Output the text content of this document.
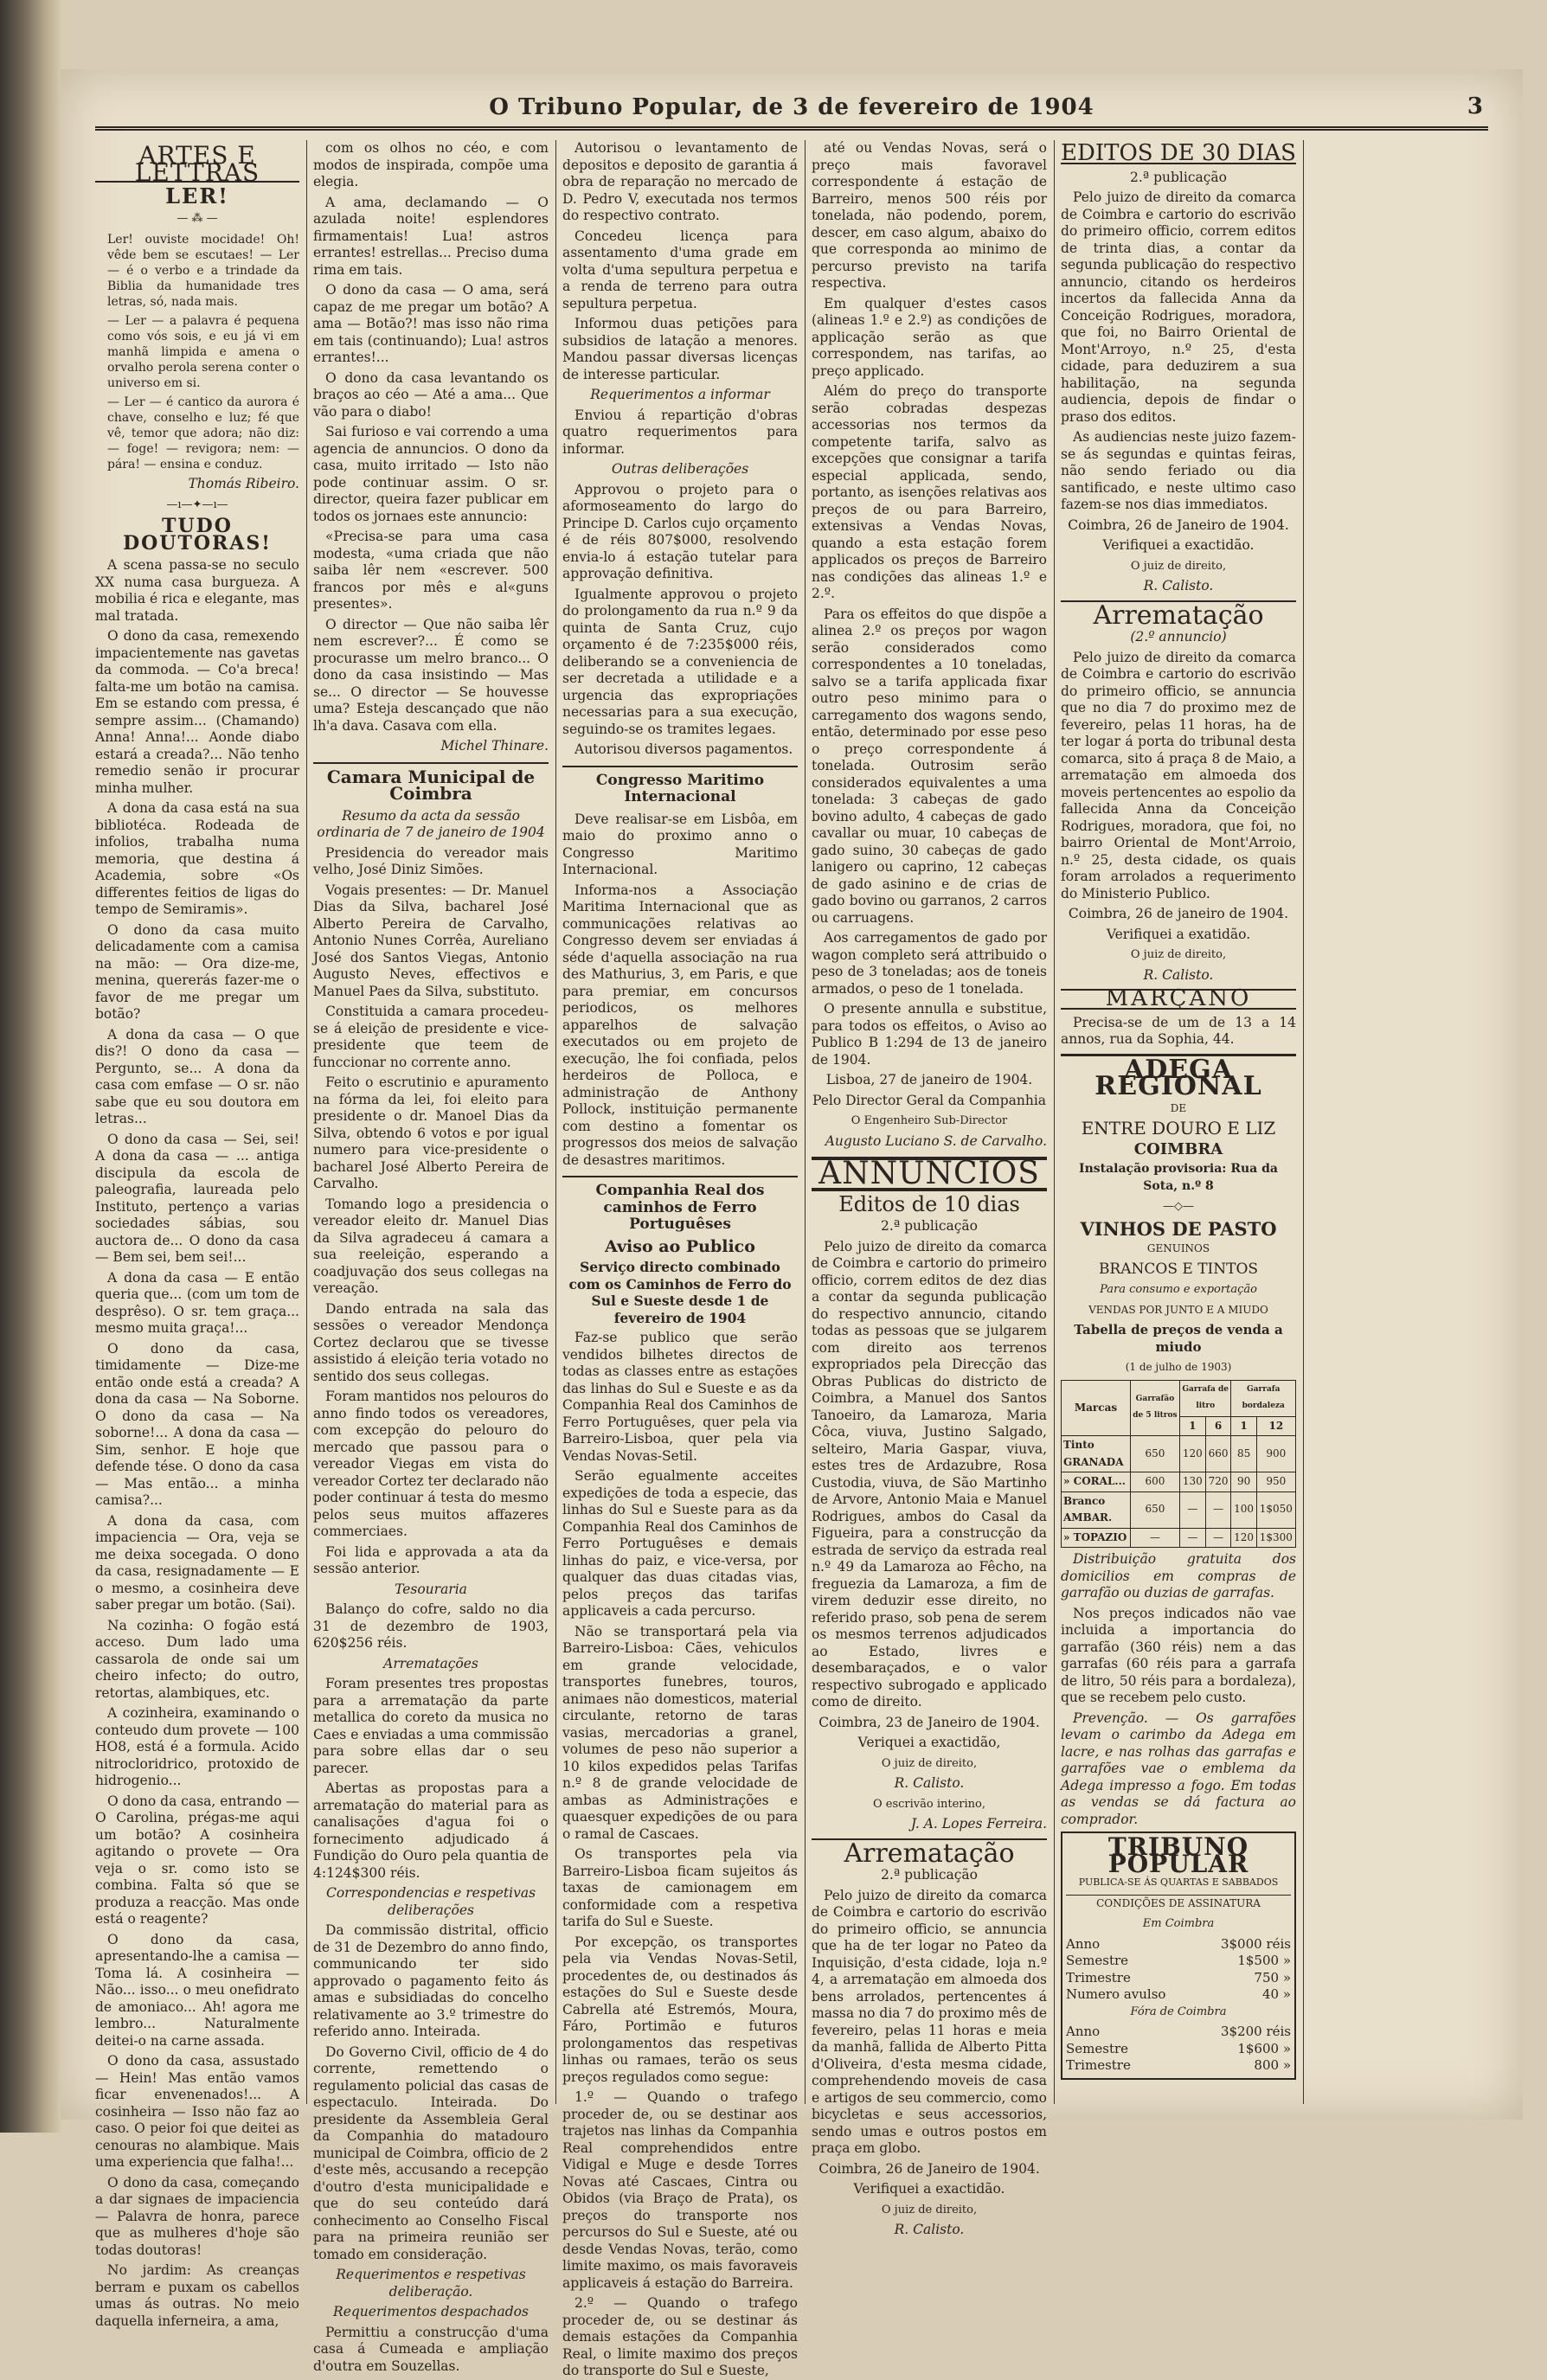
O Tribuno Popular, de 3 de fevereiro de 1904	3
ARTES E LETTRAS
LER!
— ⁂ —

Ler! ouviste mocidade! Oh! vêde bem se escutaes! — Ler — é o verbo e a trindade da Biblia da humanidade tres letras, só, nada mais.

— Ler — a palavra é pequena como vós sois, e eu já vi em manhã limpida e amena o orvalho perola serena conter o universo em si.

— Ler — é cantico da aurora é chave, conselho e luz; fé que vê, temor que adora; não diz: — foge! — revigora; nem: — pára! — ensina e conduz.

Thomás Ribeiro.

—ı—✦—ı—
TUDO DOUTORAS!

A scena passa-se no seculo XX numa casa burgueza. A mobilia é rica e elegante, mas mal tratada.

O dono da casa, remexendo impacientemente nas gavetas da commoda. — Co'a breca! falta-me um botão na camisa. Em se estando com pressa, é sempre assim... (Chamando) Anna! Anna!... Aonde diabo estará a creada?... Não tenho remedio senão ir procurar minha mulher.

A dona da casa está na sua bibliotéca. Rodeada de infolios, trabalha numa memoria, que destina á Academia, sobre «Os differentes feitios de ligas do tempo de Semiramis».

O dono da casa muito delicadamente com a camisa na mão: — Ora dize-me, menina, quererás fazer-me o favor de me pregar um botão?

A dona da casa — O que dis?! O dono da casa — Pergunto, se... A dona da casa com emfase — O sr. não sabe que eu sou doutora em letras...

O dono da casa — Sei, sei! A dona da casa — ... antiga discipula da escola de paleografia, laureada pelo Instituto, pertenço a varias sociedades sábias, sou auctora de... O dono da casa — Bem sei, bem sei!...

A dona da casa — E então queria que... (com um tom de desprêso). O sr. tem graça... mesmo muita graça!...

O dono da casa, timidamente — Dize-me então onde está a creada? A dona da casa — Na Soborne. O dono da casa — Na soborne!... A dona da casa — Sim, senhor. E hoje que defende tése. O dono da casa — Mas então... a minha camisa?...

A dona da casa, com impaciencia — Ora, veja se me deixa socegada. O dono da casa, resignadamente — E o mesmo, a cosinheira deve saber pregar um botão. (Sai).

Na cozinha: O fogão está acceso. Dum lado uma cassarola de onde sai um cheiro infecto; do outro, retortas, alambiques, etc.

A cozinheira, examinando o conteudo dum provete — 100 HO8, está é a formula. Acido nitrocloridrico, protoxido de hidrogenio...

O dono da casa, entrando — O Carolina, prégas-me aqui um botão? A cosinheira agitando o provete — Ora veja o sr. como isto se combina. Falta só que se produza a reacção. Mas onde está o reagente?

O dono da casa, apresentando-lhe a camisa — Toma lá. A cosinheira — Não... isso... o meu onefidrato de amoniaco... Ah! agora me lembro... Naturalmente deitei-o na carne assada.

O dono da casa, assustado — Hein! Mas então vamos ficar envenenados!... A cosinheira — Isso não faz ao caso. O peior foi que deitei as cenouras no alambique. Mais uma experiencia que falha!...

O dono da casa, começando a dar signaes de impaciencia — Palavra de honra, parece que as mulheres d'hoje são todas doutoras!

No jardim: As creanças berram e puxam os cabellos umas ás outras. No meio daquella inferneira, a ama,

com os olhos no céo, e com modos de inspirada, compõe uma elegia.

A ama, declamando — O azulada noite! esplendores firmamentais! Lua! astros errantes! estrellas... Preciso duma rima em tais.

O dono da casa — O ama, será capaz de me pregar um botão? A ama — Botão?! mas isso não rima em tais (continuando); Lua! astros errantes!...

O dono da casa levantando os braços ao céo — Até a ama... Que vão para o diabo!

Sai furioso e vai correndo a uma agencia de annuncios. O dono da casa, muito irritado — Isto não pode continuar assim. O sr. director, queira fazer publicar em todos os jornaes este annuncio:

«Precisa-se para uma casa modesta, «uma criada que não saiba lêr nem «escrever. 500 francos por mês e al«guns presentes».

O director — Que não saiba lêr nem escrever?... É como se procurasse um melro branco... O dono da casa insistindo — Mas se... O director — Se houvesse uma? Esteja descançado que não lh'a dava. Casava com ella.

Michel Thinare.

Camara Municipal de Coimbra

Resumo da acta da sessão ordinaria de 7 de janeiro de 1904

Presidencia do vereador mais velho, José Diniz Simões.

Vogais presentes: — Dr. Manuel Dias da Silva, bacharel José Alberto Pereira de Carvalho, Antonio Nunes Corrêa, Aureliano José dos Santos Viegas, Antonio Augusto Neves, effectivos e Manuel Paes da Silva, substituto.

Constituida a camara procedeu-se á eleição de presidente e vice-presidente que teem de funccionar no corrente anno.

Feito o escrutinio e apuramento na fórma da lei, foi eleito para presidente o dr. Manoel Dias da Silva, obtendo 6 votos e por igual numero para vice-presidente o bacharel José Alberto Pereira de Carvalho.

Tomando logo a presidencia o vereador eleito dr. Manuel Dias da Silva agradeceu á camara a sua reeleição, esperando a coadjuvação dos seus collegas na vereação.

Dando entrada na sala das sessões o vereador Mendonça Cortez declarou que se tivesse assistido á eleição teria votado no sentido dos seus collegas.

Foram mantidos nos pelouros do anno findo todos os vereadores, com excepção do pelouro do mercado que passou para o vereador Viegas em vista do vereador Cortez ter declarado não poder continuar á testa do mesmo pelos seus muitos affazeres commerciaes.

Foi lida e approvada a ata da sessão anterior.

Tesouraria

Balanço do cofre, saldo no dia 31 de dezembro de 1903, 620$256 réis.

Arrematações

Foram presentes tres propostas para a arrematação da parte metallica do coreto da musica no Caes e enviadas a uma commissão para sobre ellas dar o seu parecer.

Abertas as propostas para a arrematação do material para as canalisações d'agua foi o fornecimento adjudicado á Fundição do Ouro pela quantia de 4:124$300 réis.

Correspondencias e respetivas deliberações

Da commissão distrital, officio de 31 de Dezembro do anno findo, communicando ter sido approvado o pagamento feito ás amas e subsidiadas do concelho relativamente ao 3.º trimestre do referido anno. Inteirada.

Do Governo Civil, officio de 4 do corrente, remettendo o regulamento policial das casas de espectaculo. Inteirada. Do presidente da Assembleia Geral da Companhia do matadouro municipal de Coimbra, officio de 2 d'este mês, accusando a recepção d'outro d'esta municipalidade e que do seu conteúdo dará conhecimento ao Conselho Fiscal para na primeira reunião ser tomado em consideração.

Requerimentos e respetivas deliberação.

Requerimentos despachados

Permittiu a construcção d'uma casa á Cumeada e ampliação d'outra em Souzellas.

Autorisou o levantamento de depositos e deposito de garantia á obra de reparação no mercado de D. Pedro V, executada nos termos do respectivo contrato.

Concedeu licença para assentamento d'uma grade em volta d'uma sepultura perpetua e a renda de terreno para outra sepultura perpetua.

Informou duas petições para subsidios de latação a menores. Mandou passar diversas licenças de interesse particular.

Requerimentos a informar

Enviou á repartição d'obras quatro requerimentos para informar.

Outras deliberações

Approvou o projeto para o aformoseamento do largo do Principe D. Carlos cujo orçamento é de réis 807$000, resolvendo envia-lo á estação tutelar para approvação definitiva.

Igualmente approvou o projeto do prolongamento da rua n.º 9 da quinta de Santa Cruz, cujo orçamento é de 7:235$000 réis, deliberando se a conveniencia de ser decretada a utilidade e a urgencia das expropriações necessarias para a sua execução, seguindo-se os tramites legaes.

Autorisou diversos pagamentos.

Congresso Maritimo Internacional

Deve realisar-se em Lisbôa, em maio do proximo anno o Congresso Maritimo Internacional.

Informa-nos a Associação Maritima Internacional que as communicações relativas ao Congresso devem ser enviadas á séde d'aquella associação na rua des Mathurius, 3, em Paris, e que para premiar, em concursos periodicos, os melhores apparelhos de salvação executados ou em projeto de execução, lhe foi confiada, pelos herdeiros de Polloca, e administração de Anthony Pollock, instituição permanente com destino a fomentar os progressos dos meios de salvação de desastres maritimos.

Companhia Real dos caminhos de Ferro Portuguêses

Aviso ao Publico

Serviço directo combinado com os Caminhos de Ferro do Sul e Sueste desde 1 de fevereiro de 1904

Faz-se publico que serão vendidos bilhetes directos de todas as classes entre as estações das linhas do Sul e Sueste e as da Companhia Real dos Caminhos de Ferro Portuguêses, quer pela via Barreiro-Lisboa, quer pela via Vendas Novas-Setil.

Serão egualmente acceites expedições de toda a especie, das linhas do Sul e Sueste para as da Companhia Real dos Caminhos de Ferro Portuguêses e demais linhas do paiz, e vice-versa, por qualquer das duas citadas vias, pelos preços das tarifas applicaveis a cada percurso.

Não se transportará pela via Barreiro-Lisboa: Cães, vehiculos em grande velocidade, transportes funebres, touros, animaes não domesticos, material circulante, retorno de taras vasias, mercadorias a granel, volumes de peso não superior a 10 kilos expedidos pelas Tarifas n.º 8 de grande velocidade de ambas as Administrações e quaesquer expedições de ou para o ramal de Cascaes.

Os transportes pela via Barreiro-Lisboa ficam sujeitos ás taxas de camionagem em conformidade com a respetiva tarifa do Sul e Sueste.

Por excepção, os transportes pela via Vendas Novas-Setil, procedentes de, ou destinados ás estações do Sul e Sueste desde Cabrella até Estremós, Moura, Fáro, Portimão e futuros prolongamentos das respetivas linhas ou ramaes, terão os seus preços regulados como segue:

1.º — Quando o trafego proceder de, ou se destinar aos trajetos nas linhas da Companhia Real comprehendidos entre Vidigal e Muge e desde Torres Novas até Cascaes, Cintra ou Obidos (via Braço de Prata), os preços do transporte nos percursos do Sul e Sueste, até ou desde Vendas Novas, terão, como limite maximo, os mais favoraveis applicaveis á estação do Barreira.

2.º — Quando o trafego proceder de, ou se destinar ás demais estações da Companhia Real, o limite maximo dos preços do transporte do Sul e Sueste,

até ou Vendas Novas, será o preço mais favoravel correspondente á estação de Barreiro, menos 500 réis por tonelada, não podendo, porem, descer, em caso algum, abaixo do que corresponda ao minimo de percurso previsto na tarifa respectiva.

Em qualquer d'estes casos (alineas 1.º e 2.º) as condições de applicação serão as que correspondem, nas tarifas, ao preço applicado.

Além do preço do transporte serão cobradas despezas accessorias nos termos da competente tarifa, salvo as excepções que consignar a tarifa especial applicada, sendo, portanto, as isenções relativas aos preços de ou para Barreiro, extensivas a Vendas Novas, quando a esta estação forem applicados os preços de Barreiro nas condições das alineas 1.º e 2.º.

Para os effeitos do que dispõe a alinea 2.º os preços por wagon serão considerados como correspondentes a 10 toneladas, salvo se a tarifa applicada fixar outro peso minimo para o carregamento dos wagons sendo, então, determinado por esse peso o preço correspondente á tonelada. Outrosim serão considerados equivalentes a uma tonelada: 3 cabeças de gado bovino adulto, 4 cabeças de gado cavallar ou muar, 10 cabeças de gado suino, 30 cabeças de gado lanigero ou caprino, 12 cabeças de gado asinino e de crias de gado bovino ou garranos, 2 carros ou carruagens.

Aos carregamentos de gado por wagon completo será attribuido o peso de 3 toneladas; aos de toneis armados, o peso de 1 tonelada.

O presente annulla e substitue, para todos os effeitos, o Aviso ao Publico B 1:294 de 13 de janeiro de 1904.

Lisboa, 27 de janeiro de 1904.

Pelo Director Geral da Companhia

O Engenheiro Sub-Director

Augusto Luciano S. de Carvalho.

ANNUNCIOS
Editos de 10 dias

2.ª publicação

Pelo juizo de direito da comarca de Coimbra e cartorio do primeiro officio, correm editos de dez dias a contar da segunda publicação do respectivo annuncio, citando todas as pessoas que se julgarem com direito aos terrenos expropriados pela Direcção das Obras Publicas do districto de Coimbra, a Manuel dos Santos Tanoeiro, da Lamaroza, Maria Côca, viuva, Justino Salgado, selteiro, Maria Gaspar, viuva, estes tres de Ardazubre, Rosa Custodia, viuva, de São Martinho de Arvore, Antonio Maia e Manuel Rodrigues, ambos do Casal da Figueira, para a construcção da estrada de serviço da estrada real n.º 49 da Lamaroza ao Fêcho, na freguezia da Lamaroza, a fim de virem deduzir esse direito, no referido praso, sob pena de serem os mesmos terrenos adjudicados ao Estado, livres e desembaraçados, e o valor respectivo subrogado e applicado como de direito.

Coimbra, 23 de Janeiro de 1904.

Veriquei a exactidão,

O juiz de direito,

R. Calisto.

O escrivão interino,

J. A. Lopes Ferreira.

Arrematação

2.ª publicação

Pelo juizo de direito da comarca de Coimbra e cartorio do escrivão do primeiro officio, se annuncia que ha de ter logar no Pateo da Inquisição, d'esta cidade, loja n.º 4, a arrematação em almoeda dos bens arrolados, pertencentes á massa no dia 7 do proximo mês de fevereiro, pelas 11 horas e meia da manhã, fallida de Alberto Pitta d'Oliveira, d'esta mesma cidade, comprehendendo moveis de casa e artigos de seu commercio, como bicycletas e seus accessorios, sendo umas e outros postos em praça em globo.

Coimbra, 26 de Janeiro de 1904.

Verifiquei a exactidão.

O juiz de direito,

R. Calisto.

EDITOS DE 30 DIAS

2.ª publicação

Pelo juizo de direito da comarca de Coimbra e cartorio do escrivão do primeiro officio, correm editos de trinta dias, a contar da segunda publicação do respectivo annuncio, citando os herdeiros incertos da fallecida Anna da Conceição Rodrigues, moradora, que foi, no Bairro Oriental de Mont'Arroyo, n.º 25, d'esta cidade, para deduzirem a sua habilitação, na segunda audiencia, depois de findar o praso dos editos.

As audiencias neste juizo fazem-se ás segundas e quintas feiras, não sendo feriado ou dia santificado, e neste ultimo caso fazem-se nos dias immediatos.

Coimbra, 26 de Janeiro de 1904.

Verifiquei a exactidão.

O juiz de direito,

R. Calisto.

Arrematação

(2.º annuncio)

Pelo juizo de direito da comarca de Coimbra e cartorio do escrivão do primeiro officio, se annuncia que no dia 7 do proximo mez de fevereiro, pelas 11 horas, ha de ter logar á porta do tribunal desta comarca, sito á praça 8 de Maio, a arrematação em almoeda dos moveis pertencentes ao espolio da fallecida Anna da Conceição Rodrigues, moradora, que foi, no bairro Oriental de Mont'Arroio, n.º 25, desta cidade, os quais foram arrolados a requerimento do Ministerio Publico.

Coimbra, 26 de janeiro de 1904.

Verifiquei a exatidão.

O juiz de direito,

R. Calisto.

MARÇANO

Precisa-se de um de 13 a 14 annos, rua da Sophia, 44.

ADEGA REGIONAL

DE

ENTRE DOURO E LIZ

COIMBRA

Instalação provisoria: Rua da Sota, n.º 8

—◇—

VINHOS DE PASTO

GENUINOS

BRANCOS E TINTOS

Para consumo e exportação

VENDAS POR JUNTO E A MIUDO

Tabella de preços de venda a miudo

(1 de julho de 1903)

Marcas	Garrafão de 5 litros	Garrafa de litro		Garrafa bordaleza	
		1	6	1	12
Tinto GRANADA	650	120	660	85	900
» CORAL...	600	130	720	90	950
Branco AMBAR.	650	—	—	100	1$050
» TOPAZIO	—	—	—	120	1$300

Distribuição gratuita dos domicilios em compras de garrafão ou duzias de garrafas.

Nos preços indicados não vae incluida a importancia do garrafão (360 réis) nem a das garrafas (60 réis para a garrafa de litro, 50 réis para a bordaleza), que se recebem pelo custo.

Prevenção. — Os garrafões levam o carimbo da Adega em lacre, e nas rolhas das garrafas e garrafões vae o emblema da Adega impresso a fogo. Em todas as vendas se dá factura ao comprador.

TRIBUNO POPULAR

PUBLICA-SE ÁS QUARTAS E SABBADOS

CONDIÇÕES DE ASSINATURA

Em Coimbra

Anno	3$000 réis
Semestre	1$500 »
Trimestre	750 »
Numero avulso	40 »

Fóra de Coimbra

Anno	3$200 réis
Semestre	1$600 »
Trimestre	800 »
